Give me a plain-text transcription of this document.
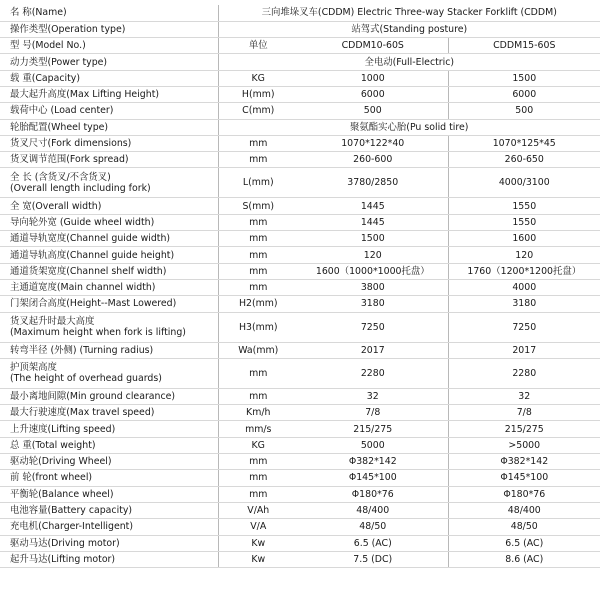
名 称(Name)	三向堆垛叉车(CDDM) Electric Three-way Stacker Forklift (CDDM)		

操作类型(Operation type)	站驾式(Standing posture)		

型 号(Model No.)	单位	CDDM10-60S	CDDM15-60S

动力类型(Power type)	全电动(Full-Electric)		

载 重(Capacity)	KG	1000	1500

最大起升高度(Max Lifting Height)	H(mm)	6000	6000

载荷中心 (Load center)	C(mm)	500	500

轮胎配置(Wheel type)	聚氨酯实心胎(Pu solid tire)		

货叉尺寸(Fork dimensions)	mm	1070*122*40	1070*125*45

货叉调节范围(Fork spread)	mm	260-600	260-650

全 长 (含货叉/不含货叉)
(Overall length including fork)	L(mm)	3780/2850	4000/3100

全 宽(Overall width)	S(mm)	1445	1550

导向轮外宽 (Guide wheel width)	mm	1445	1550

通道导轨宽度(Channel guide width)	mm	1500	1600

通道导轨高度(Channel guide height)	mm	120	120

通道货架宽度(Channel shelf width)	mm	1600（1000*1000托盘）	1760（1200*1200托盘）

主通道宽度(Main channel width)	mm	3800	4000

门架闭合高度(Height--Mast Lowered)	H2(mm)	3180	3180

货叉起升时最大高度
(Maximum height when fork is lifting)	H3(mm)	7250	7250

转弯半径 (外侧) (Turning radius)	Wa(mm)	2017	2017

护顶架高度
(The height of overhead guards)	mm	2280	2280

最小离地间隙(Min ground clearance)	mm	32	32

最大行驶速度(Max travel speed)	Km/h	7/8	7/8

上升速度(Lifting speed)	mm/s	215/275	215/275

总 重(Total weight)	KG	5000	>5000

驱动轮(Driving Wheel)	mm	Φ382*142	Φ382*142

前 轮(front wheel)	mm	Φ145*100	Φ145*100

平衡轮(Balance wheel)	mm	Φ180*76	Φ180*76

电池容量(Battery capacity)	V/Ah	48/400	48/400

充电机(Charger-Intelligent)	V/A	48/50	48/50

驱动马达(Driving motor)	Kw	6.5 (AC)	6.5 (AC)

起升马达(Lifting motor)	Kw	7.5 (DC)	8.6 (AC)
